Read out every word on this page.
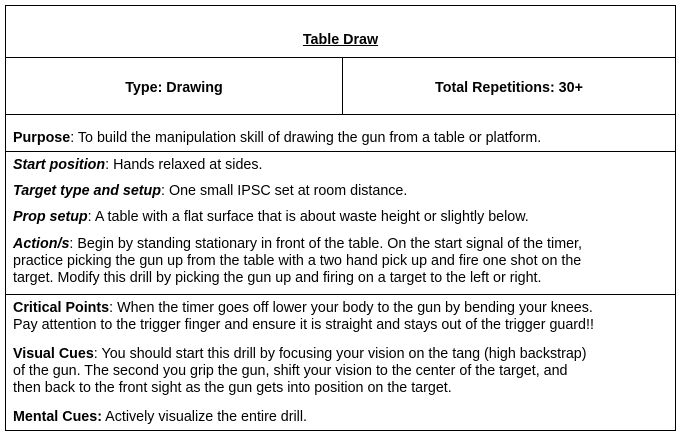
Table Draw
Type: Drawing	Total Repetitions: 30+
Purpose: To build the manipulation skill of drawing the gun from a table or platform.
Start position: Hands relaxed at sides.
Target type and setup: One small IPSC set at room distance.
Prop setup: A table with a flat surface that is about waste height or slightly below.
Action/s: Begin by standing stationary in front of the table. On the start signal of the timer,
practice picking the gun up from the table with a two hand pick up and fire one shot on the
target. Modify this drill by picking the gun up and firing on a target to the left or right.
Critical Points: When the timer goes off lower your body to the gun by bending your knees.
Pay attention to the trigger finger and ensure it is straight and stays out of the trigger guard!!
Visual Cues: You should start this drill by focusing your vision on the tang (high backstrap)
of the gun. The second you grip the gun, shift your vision to the center of the target, and
then back to the front sight as the gun gets into position on the target.
Mental Cues: Actively visualize the entire drill.
